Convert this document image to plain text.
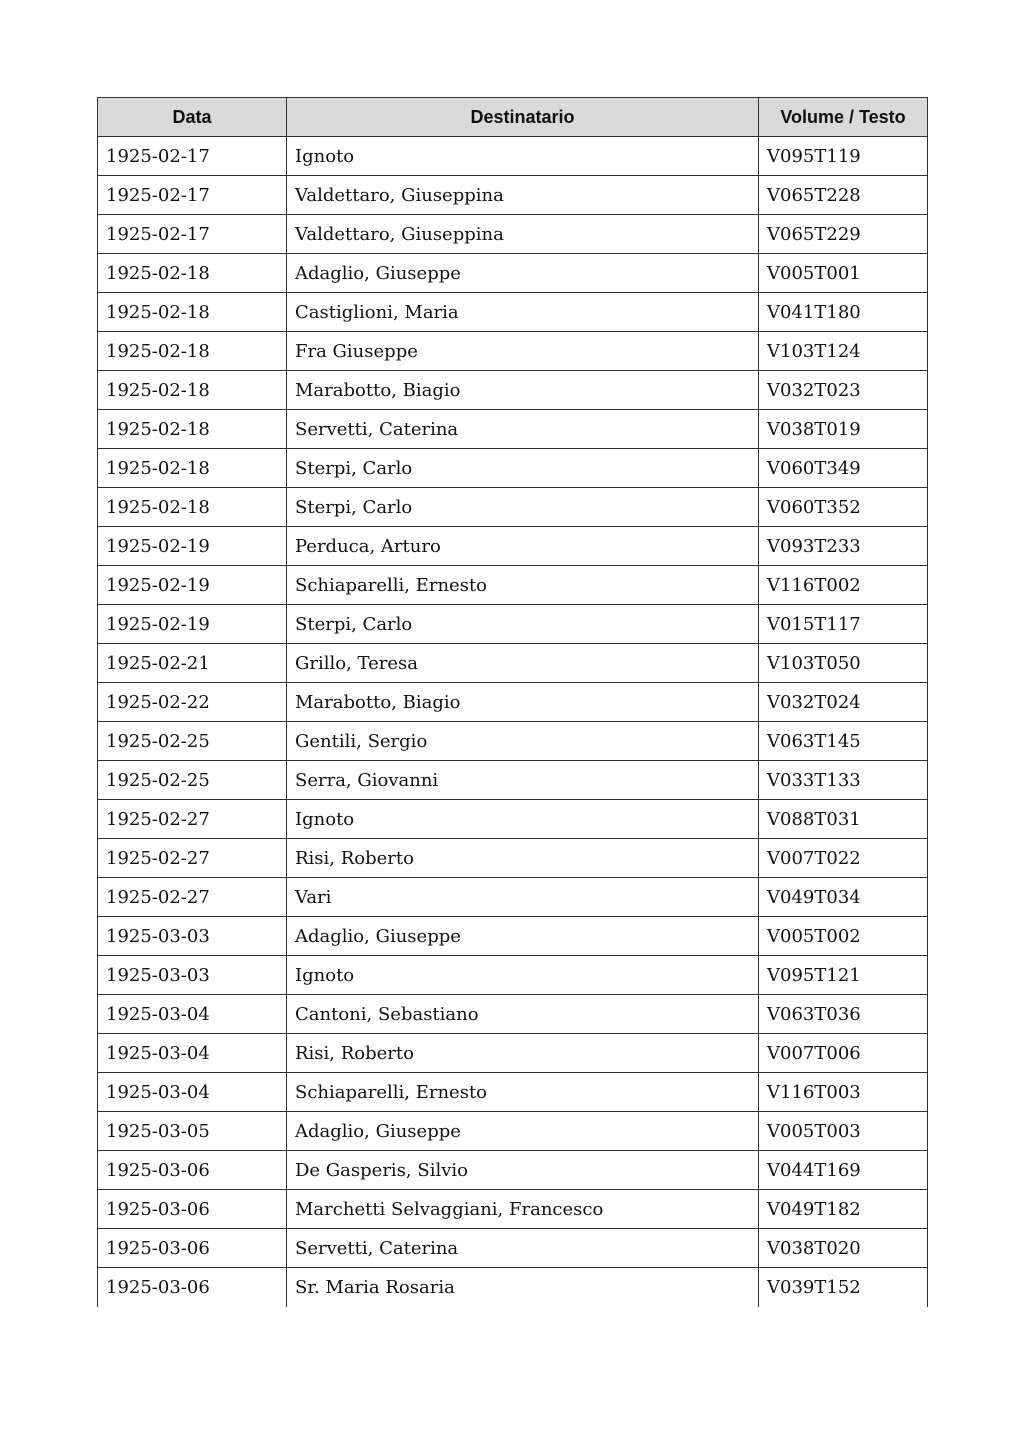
Data	Destinatario	Volume / Testo
1925-02-17	Ignoto	V095T119
1925-02-17	Valdettaro, Giuseppina	V065T228
1925-02-17	Valdettaro, Giuseppina	V065T229
1925-02-18	Adaglio, Giuseppe	V005T001
1925-02-18	Castiglioni, Maria	V041T180
1925-02-18	Fra Giuseppe	V103T124
1925-02-18	Marabotto, Biagio	V032T023
1925-02-18	Servetti, Caterina	V038T019
1925-02-18	Sterpi, Carlo	V060T349
1925-02-18	Sterpi, Carlo	V060T352
1925-02-19	Perduca, Arturo	V093T233
1925-02-19	Schiaparelli, Ernesto	V116T002
1925-02-19	Sterpi, Carlo	V015T117
1925-02-21	Grillo, Teresa	V103T050
1925-02-22	Marabotto, Biagio	V032T024
1925-02-25	Gentili, Sergio	V063T145
1925-02-25	Serra, Giovanni	V033T133
1925-02-27	Ignoto	V088T031
1925-02-27	Risi, Roberto	V007T022
1925-02-27	Vari	V049T034
1925-03-03	Adaglio, Giuseppe	V005T002
1925-03-03	Ignoto	V095T121
1925-03-04	Cantoni, Sebastiano	V063T036
1925-03-04	Risi, Roberto	V007T006
1925-03-04	Schiaparelli, Ernesto	V116T003
1925-03-05	Adaglio, Giuseppe	V005T003
1925-03-06	De Gasperis, Silvio	V044T169
1925-03-06	Marchetti Selvaggiani, Francesco	V049T182
1925-03-06	Servetti, Caterina	V038T020
1925-03-06	Sr. Maria Rosaria	V039T152
